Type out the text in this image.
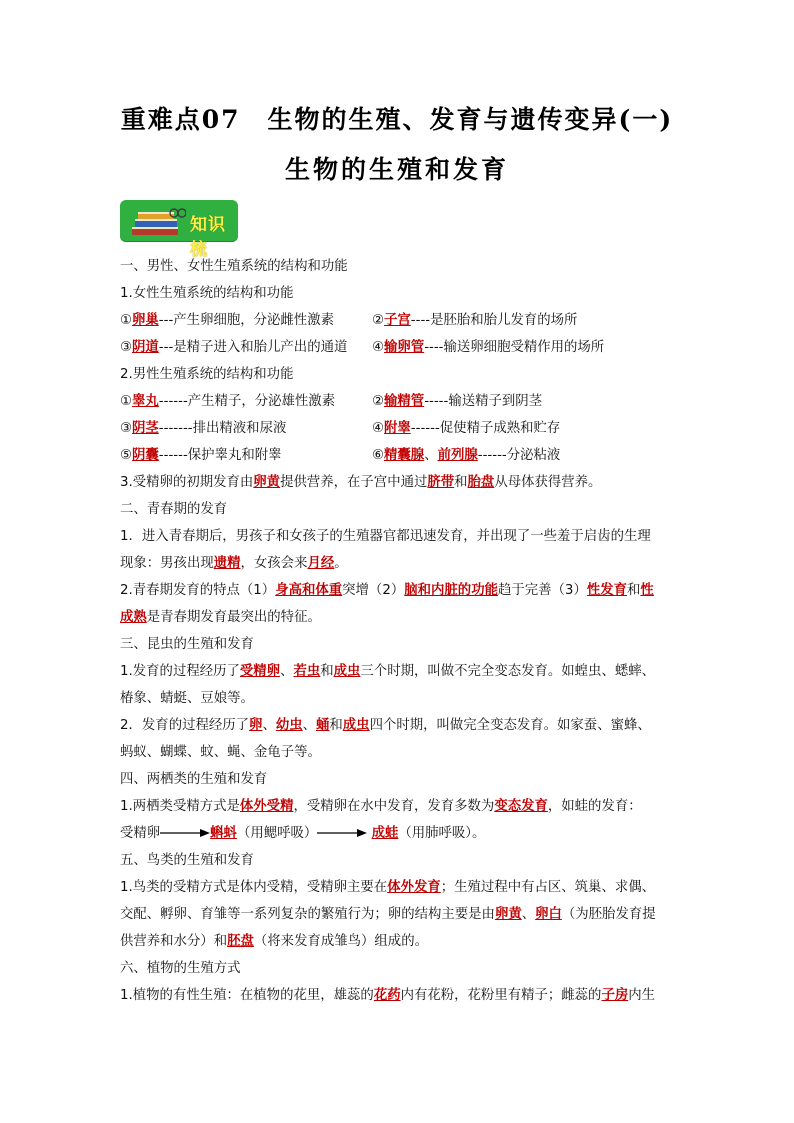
重难点07　生物的生殖、发育与遗传变异(一)
生物的生殖和发育
知识梳
一、男性、女性生殖系统的结构和功能
1.女性生殖系统的结构和功能
①卵巢---产生卵细胞，分泌雌性激素	②子宫----是胚胎和胎儿发育的场所
③阴道---是精子进入和胎儿产出的通道 ④输卵管----输送卵细胞受精作用的场所
2.男性生殖系统的结构和功能
①睾丸------产生精子，分泌雄性激素	②输精管-----输送精子到阴茎
③阴茎-------排出精液和尿液	④附睾------促使精子成熟和贮存
⑤阴囊------保护睾丸和附睾	⑥精囊腺、前列腺------分泌粘液
3.受精卵的初期发育由卵黄提供营养，在子宫中通过脐带和胎盘从母体获得营养。
二、青春期的发育
1．进入青春期后，男孩子和女孩子的生殖器官都迅速发育，并出现了一些羞于启齿的生理
现象：男孩出现遗精，女孩会来月经。
2.青春期发育的特点（1）身高和体重突增（2）脑和内脏的功能趋于完善（3）性发育和性
成熟是青春期发育最突出的特征。
三、昆虫的生殖和发育
1.发育的过程经历了受精卵、若虫和成虫三个时期，叫做不完全变态发育。如蝗虫、蟋蟀、
椿象、蜻蜓、豆娘等。
2．发育的过程经历了卵、幼虫、蛹和成虫四个时期，叫做完全变态发育。如家蚕、蜜蜂、
蚂蚁、蝴蝶、蚊、蝇、金龟子等。
四、两栖类的生殖和发育
1.两栖类受精方式是体外受精，受精卵在水中发育，发育多数为变态发育，如蛙的发育：
受精卵	蝌蚪（用鳃呼吸）	成蛙（用肺呼吸）。
五、鸟类的生殖和发育
1.鸟类的受精方式是体内受精，受精卵主要在体外发育；生殖过程中有占区、筑巢、求偶、
交配、孵卵、育雏等一系列复杂的繁殖行为；卵的结构主要是由卵黄、卵白（为胚胎发育提
供营养和水分）和胚盘（将来发育成雏鸟）组成的。
六、植物的生殖方式
1.植物的有性生殖：在植物的花里，雄蕊的花药内有花粉，花粉里有精子；雌蕊的子房内生
